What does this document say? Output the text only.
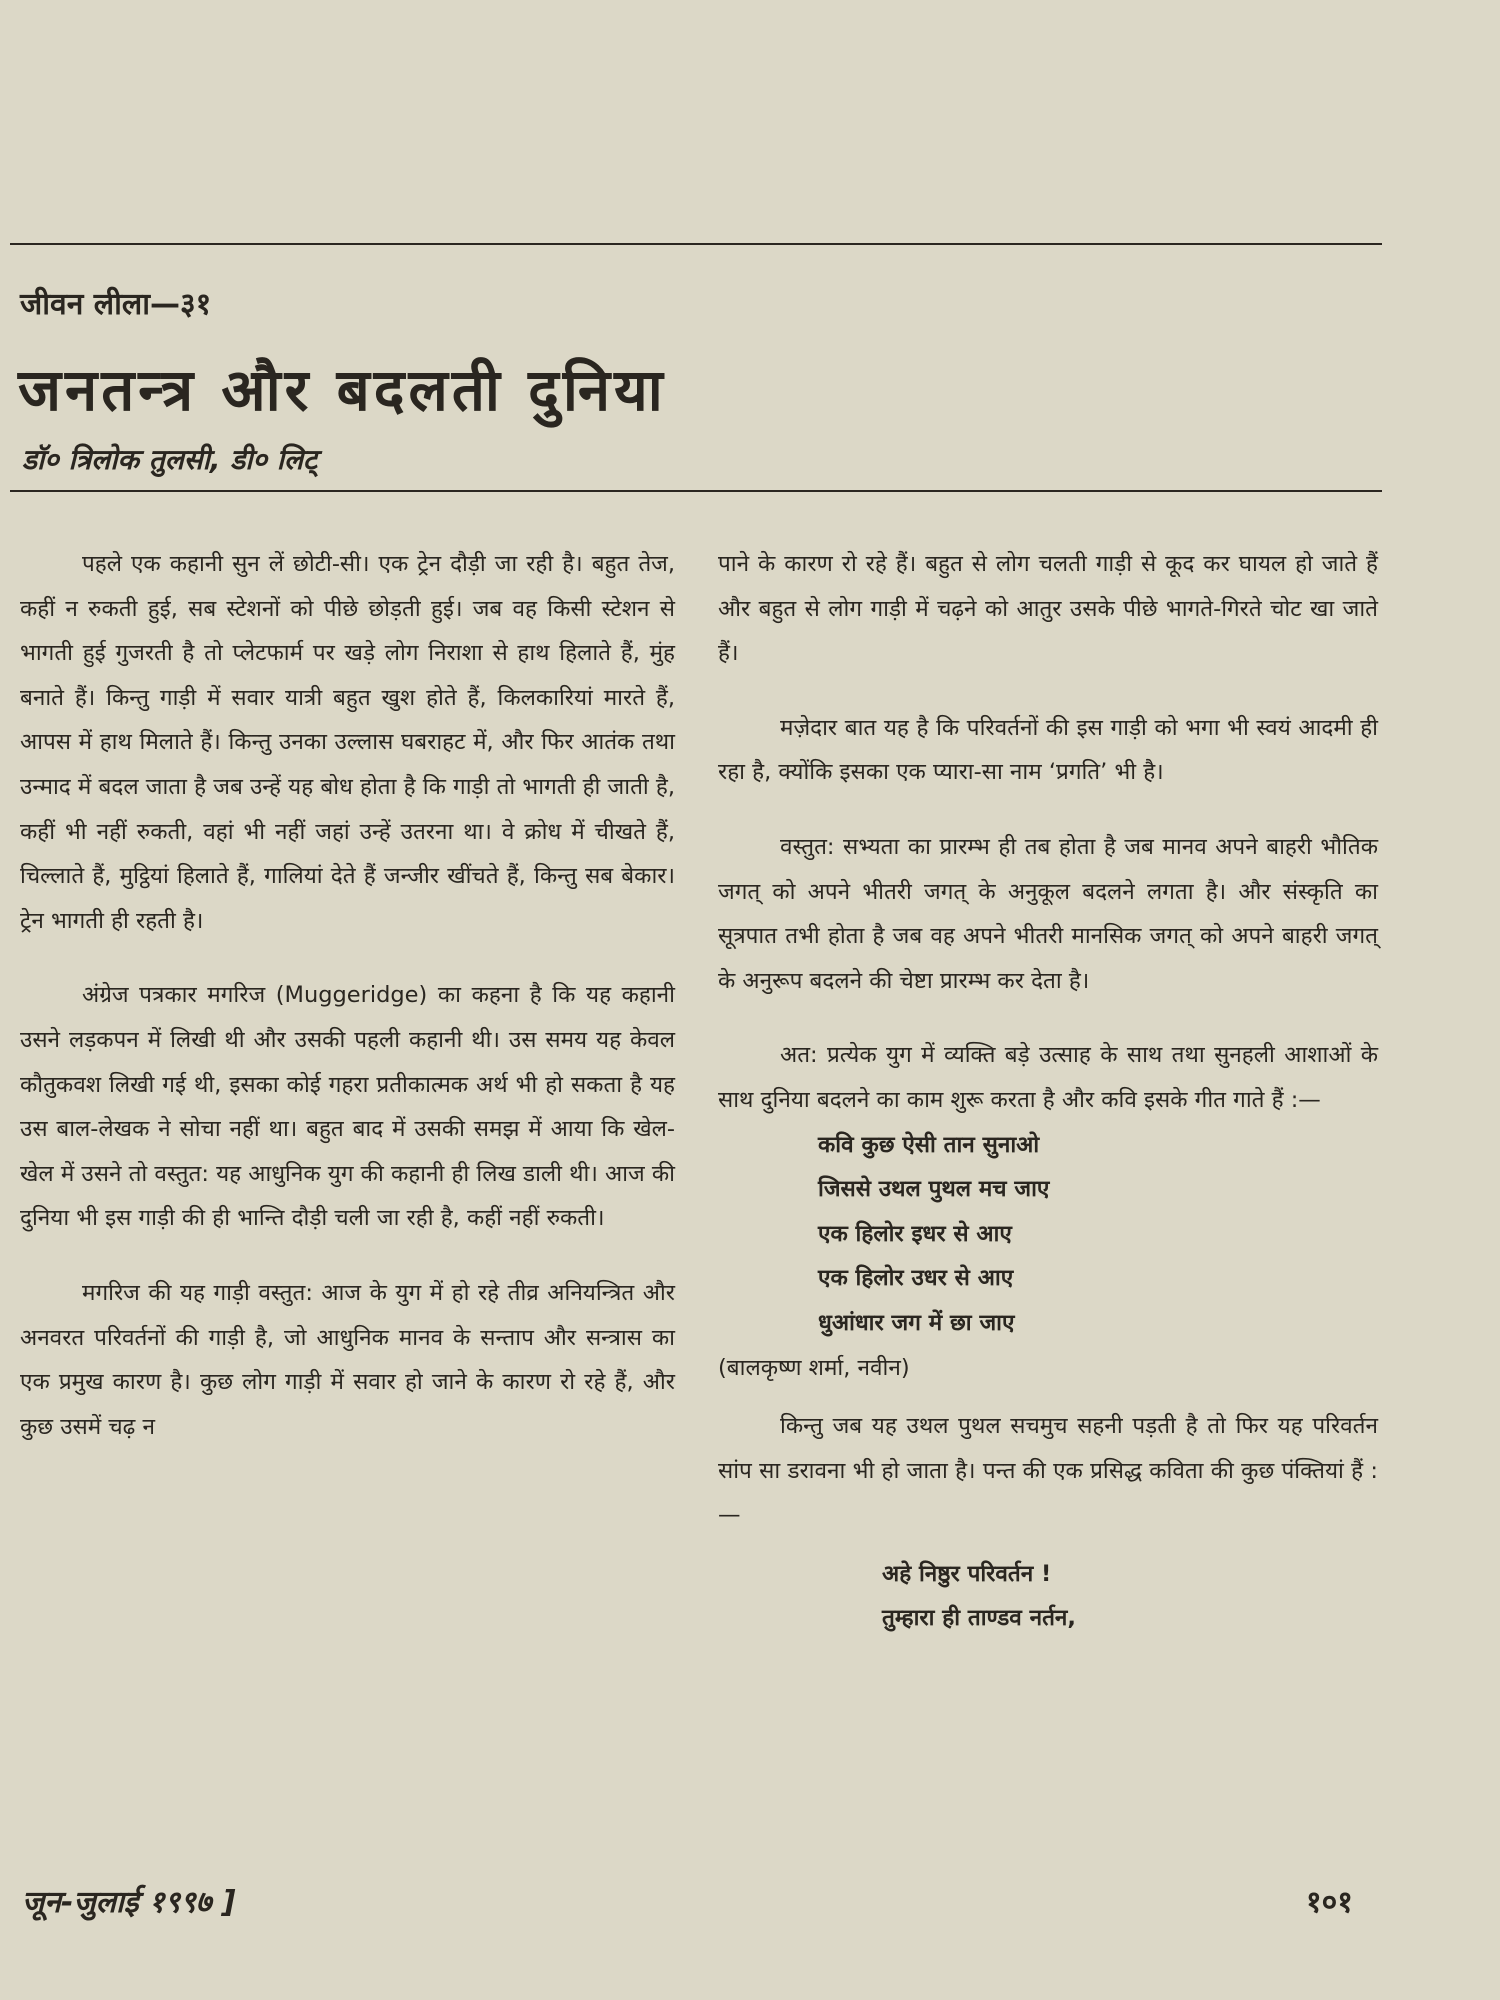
जीवन लीला—३१
जनतन्त्र और बदलती दुनिया
डॉ० त्रिलोक तुलसी, डी० लिट्

पहले एक कहानी सुन लें छोटी-सी। एक ट्रेन दौड़ी जा रही है। बहुत तेज, कहीं न रुकती हुई, सब स्टेशनों को पीछे छोड़ती हुई। जब वह किसी स्टेशन से भागती हुई गुजरती है तो प्लेटफार्म पर खड़े लोग निराशा से हाथ हिलाते हैं, मुंह बनाते हैं। किन्तु गाड़ी में सवार यात्री बहुत खुश होते हैं, किलकारियां मारते हैं, आपस में हाथ मिलाते हैं। किन्तु उनका उल्लास घबराहट में, और फिर आतंक तथा उन्माद में बदल जाता है जब उन्हें यह बोध होता है कि गाड़ी तो भागती ही जाती है, कहीं भी नहीं रुकती, वहां भी नहीं जहां उन्हें उतरना था। वे क्रोध में चीखते हैं, चिल्लाते हैं, मुट्ठियां हिलाते हैं, गालियां देते हैं जन्जीर खींचते हैं, किन्तु सब बेकार। ट्रेन भागती ही रहती है।

अंग्रेज पत्रकार मगरिज (Muggeridge) का कहना है कि यह कहानी उसने लड़कपन में लिखी थी और उसकी पहली कहानी थी। उस समय यह केवल कौतुकवश लिखी गई थी, इसका कोई गहरा प्रतीकात्मक अर्थ भी हो सकता है यह उस बाल-लेखक ने सोचा नहीं था। बहुत बाद में उसकी समझ में आया कि खेल-खेल में उसने तो वस्तुत: यह आधुनिक युग की कहानी ही लिख डाली थी। आज की दुनिया भी इस गाड़ी की ही भान्ति दौड़ी चली जा रही है, कहीं नहीं रुकती।

मगरिज की यह गाड़ी वस्तुत: आज के युग में हो रहे तीव्र अनियन्त्रित और अनवरत परिवर्तनों की गाड़ी है, जो आधुनिक मानव के सन्ताप और सन्त्रास का एक प्रमुख कारण है। कुछ लोग गाड़ी में सवार हो जाने के कारण रो रहे हैं, और कुछ उसमें चढ़ न

पाने के कारण रो रहे हैं। बहुत से लोग चलती गाड़ी से कूद कर घायल हो जाते हैं और बहुत से लोग गाड़ी में चढ़ने को आतुर उसके पीछे भागते-गिरते चोट खा जाते हैं।

मज़ेदार बात यह है कि परिवर्तनों की इस गाड़ी को भगा भी स्वयं आदमी ही रहा है, क्योंकि इसका एक प्यारा-सा नाम ‘प्रगति’ भी है।

वस्तुत: सभ्यता का प्रारम्भ ही तब होता है जब मानव अपने बाहरी भौतिक जगत् को अपने भीतरी जगत् के अनुकूल बदलने लगता है। और संस्कृति का सूत्रपात तभी होता है जब वह अपने भीतरी मानसिक जगत् को अपने बाहरी जगत् के अनुरूप बदलने की चेष्टा प्रारम्भ कर देता है।

अत: प्रत्येक युग में व्यक्ति बड़े उत्साह के साथ तथा सुनहली आशाओं के साथ दुनिया बदलने का काम शुरू करता है और कवि इसके गीत गाते हैं :—

कवि कुछ ऐसी तान सुनाओ
जिससे उथल पुथल मच जाए
एक हिलोर इधर से आए
एक हिलोर उधर से आए
धुआंधार जग में छा जाए

(बालकृष्ण शर्मा, नवीन)

किन्तु जब यह उथल पुथल सचमुच सहनी पड़ती है तो फिर यह परिवर्तन सांप सा डरावना भी हो जाता है। पन्त की एक प्रसिद्ध कविता की कुछ पंक्तियां हैं :—

अहे निष्ठुर परिवर्तन !
तुम्हारा ही ताण्डव नर्तन,
जून-जुलाई १९९७ ]	१०१
